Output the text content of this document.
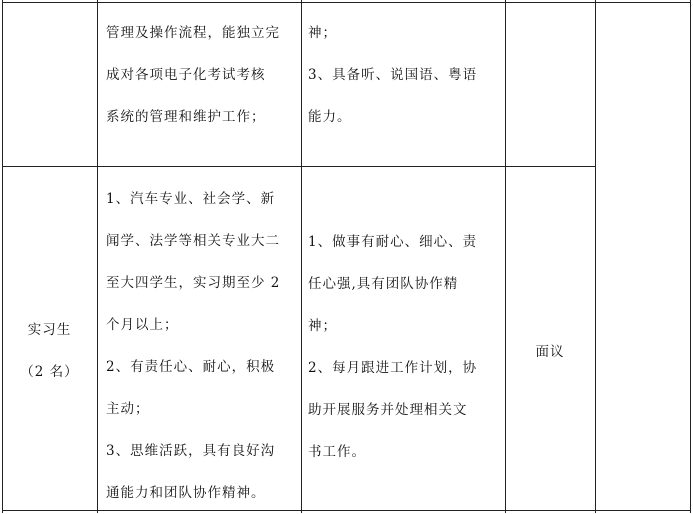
管理及操作流程，能独立完
成对各项电子化考试考核
系统的管理和维护工作；
神；
3、具备听、说国语、粤语
能力。
实习生
（2 名）
1、汽车专业、社会学、新
闻学、法学等相关专业大二
至大四学生，实习期至少 2
个月以上；
2、有责任心、耐心，积极
主动；
3、思维活跃，具有良好沟
通能力和团队协作精神。
1、做事有耐心、细心、责
任心强,具有团队协作精
神；
2、每月跟进工作计划，协
助开展服务并处理相关文
书工作。
面议
